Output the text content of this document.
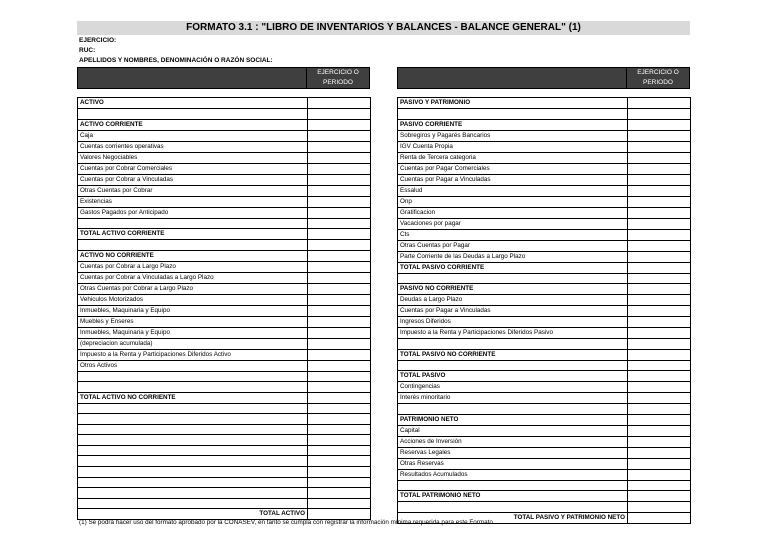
FORMATO 3.1 : "LIBRO DE INVENTARIOS Y BALANCES - BALANCE GENERAL" (1)
EJERCICIO:
RUC:
APELLIDOS Y NOMBRES, DENOMINACIÓN O RAZÓN SOCIAL:
EJERCICIO O
PERIODO
EJERCICIO O
PERIODO
ACTIVO	

ACTIVO CORRIENTE	
Caja	
Cuentas corrientes operativas	
Valores Negociables	
Cuentas por Cobrar Comerciales	
Cuentas por Cobrar a Vinculadas	
Otras Cuentas por Cobrar	
Existencias	
Gastos Pagados por Anticipado	

TOTAL ACTIVO CORRIENTE	

ACTIVO NO CORRIENTE	
Cuentas por Cobrar a Largo Plazo	
Cuentas por Cobrar a Vinculadas a Largo Plazo	
Otras Cuentas por Cobrar a Largo Plazo	
Vehiculos Motorizados	
Inmuebles, Maquinaria y Equipo	
Muebles y Enseres	
Inmuebles, Maquinaria y Equipo	
(depreciacion acumulada)	
Impuesto a la Renta y Participaciones Diferidos Activo	
Otros Activos	

TOTAL ACTIVO NO CORRIENTE	

TOTAL ACTIVO	
PASIVO Y PATRIMONIO	

PASIVO CORRIENTE	
Sobregiros y Pagarés Bancarios	
IGV Cuenta Propia	
Renta de Tercera categoria	
Cuentas por Pagar Comerciales	
Cuentas por Pagar a Vinculadas	
Essalud	
Onp	
Gratificacion	
Vacaciones por pagar	
Cts	
Otras Cuentas por Pagar	
Parte Corriente de las Deudas a Largo Plazo	
TOTAL PASIVO CORRIENTE	

PASIVO NO CORRIENTE	
Deudas a Largo Plazo	
Cuentas por Pagar a Vinculadas	
Ingresos Diferidos	
Impuesto a la Renta y Participaciones Diferidos Pasivo	

TOTAL PASIVO NO CORRIENTE	

TOTAL PASIVO	
Contingencias	
Interés minoritario	

PATRIMONIO NETO	
Capital	
Acciones de Inversión	
Reservas Legales	
Otras Reservas	
Resultados Acumulados	

TOTAL PATRIMONIO NETO	

TOTAL PASIVO Y PATRIMONIO NETO	
(1) Se podrá hacer uso del formato aprobado por la CONASEV, en tanto se cumpla con registrar la información mínima requerida para este Formato.
